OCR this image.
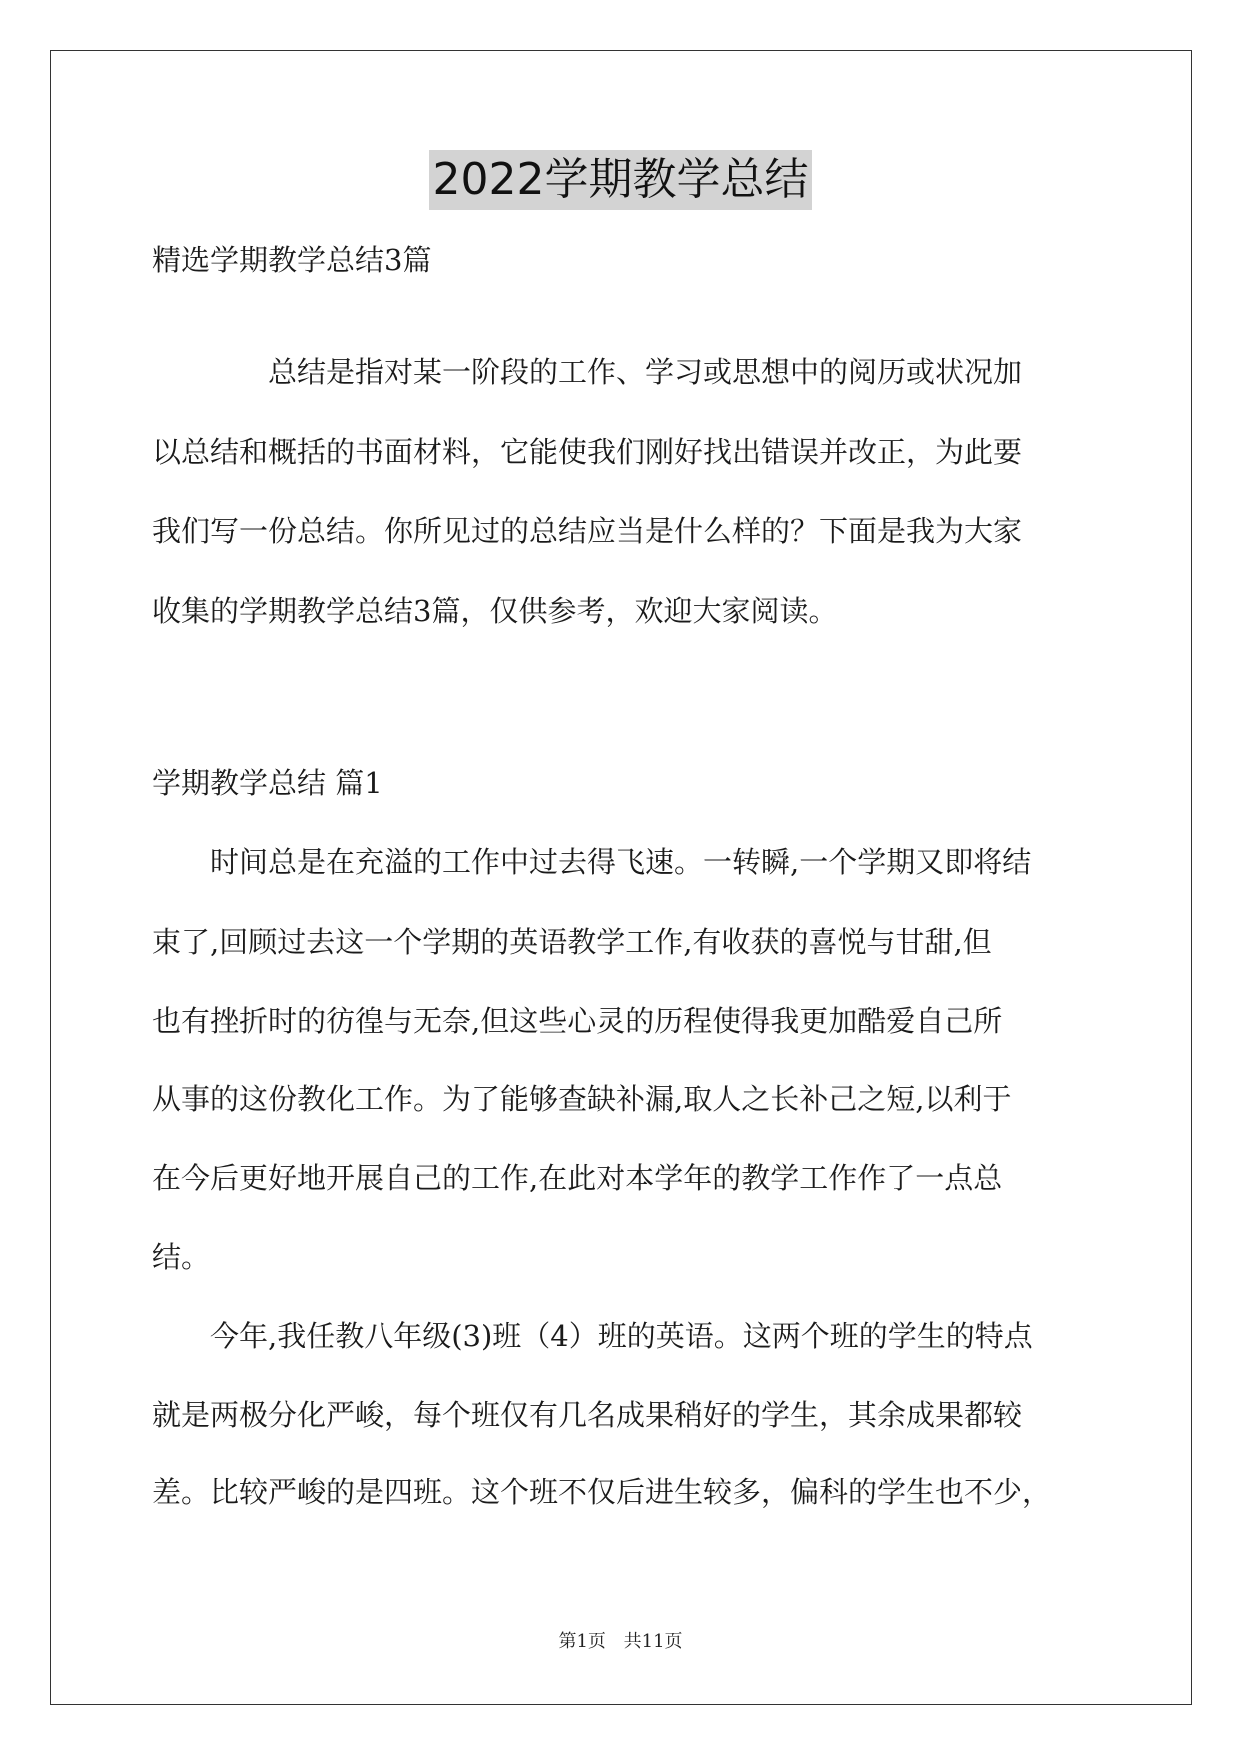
2022学期教学总结
精选学期教学总结3篇
　　　　总结是指对某一阶段的工作、学习或思想中的阅历或状况加
以总结和概括的书面材料，它能使我们刚好找出错误并改正，为此要
我们写一份总结。你所见过的总结应当是什么样的？下面是我为大家
收集的学期教学总结3篇，仅供参考，欢迎大家阅读。
学期教学总结 篇1
　　时间总是在充溢的工作中过去得飞速。一转瞬,一个学期又即将结
束了,回顾过去这一个学期的英语教学工作,有收获的喜悦与甘甜,但
也有挫折时的彷徨与无奈,但这些心灵的历程使得我更加酷爱自己所
从事的这份教化工作。为了能够查缺补漏,取人之长补己之短,以利于
在今后更好地开展自己的工作,在此对本学年的教学工作作了一点总
结。
　　今年,我任教八年级(3)班（4）班的英语。这两个班的学生的特点
就是两极分化严峻，每个班仅有几名成果稍好的学生，其余成果都较
差。比较严峻的是四班。这个班不仅后进生较多，偏科的学生也不少，
第1页 共11页
